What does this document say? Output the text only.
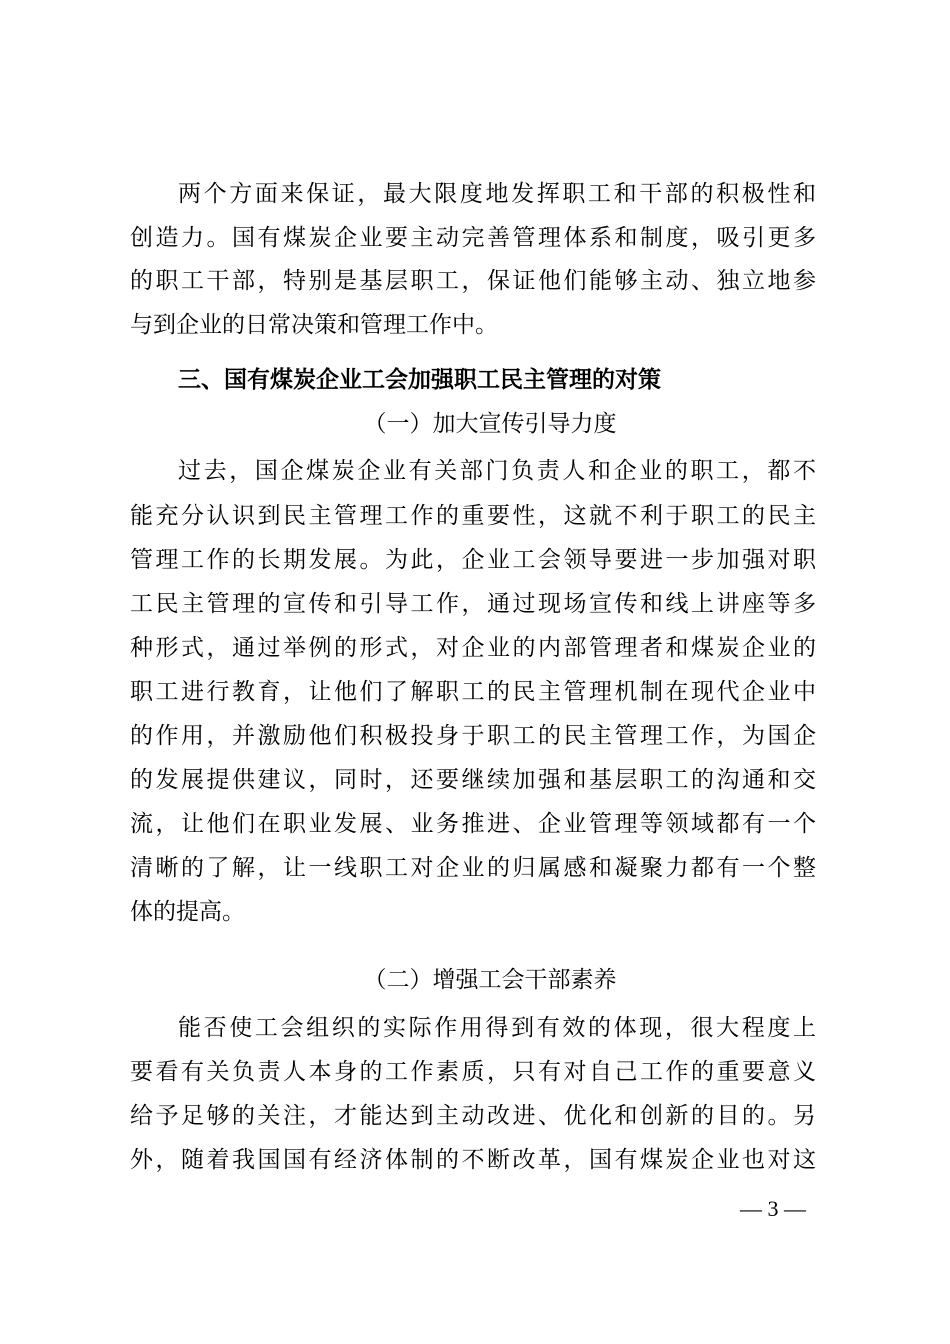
两个方面来保证，最大限度地发挥职工和干部的积极性和
创造力。国有煤炭企业要主动完善管理体系和制度，吸引更多
的职工干部，特别是基层职工，保证他们能够主动、独立地参
与到企业的日常决策和管理工作中。
三、国有煤炭企业工会加强职工民主管理的对策
（一）加大宣传引导力度
过去，国企煤炭企业有关部门负责人和企业的职工，都不
能充分认识到民主管理工作的重要性，这就不利于职工的民主
管理工作的长期发展。为此，企业工会领导要进一步加强对职
工民主管理的宣传和引导工作，通过现场宣传和线上讲座等多
种形式，通过举例的形式，对企业的内部管理者和煤炭企业的
职工进行教育，让他们了解职工的民主管理机制在现代企业中
的作用，并激励他们积极投身于职工的民主管理工作，为国企
的发展提供建议，同时，还要继续加强和基层职工的沟通和交
流，让他们在职业发展、业务推进、企业管理等领域都有一个
清晰的了解，让一线职工对企业的归属感和凝聚力都有一个整
体的提高。
（二）增强工会干部素养
能否使工会组织的实际作用得到有效的体现，很大程度上
要看有关负责人本身的工作素质，只有对自己工作的重要意义
给予足够的关注，才能达到主动改进、优化和创新的目的。另
外，随着我国国有经济体制的不断改革，国有煤炭企业也对这
— 3 —
